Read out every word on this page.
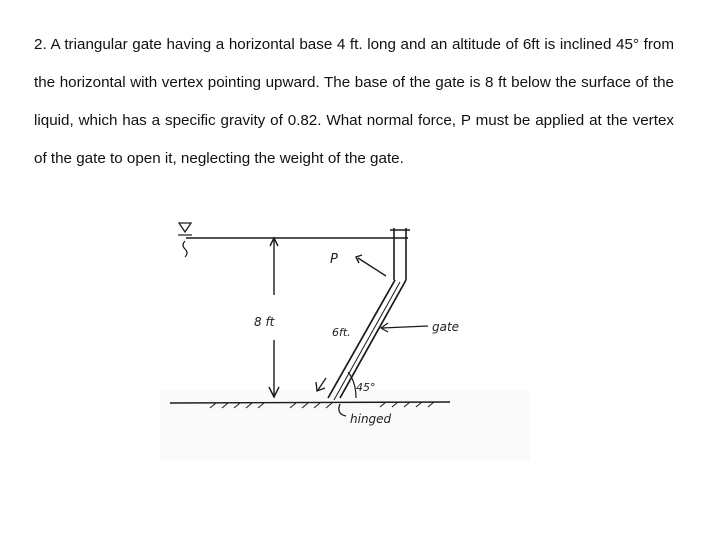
2. A triangular gate having a horizontal base 4 ft. long and an altitude of 6ft is inclined 45° from the horizontal with vertex pointing upward. The base of the gate is 8 ft below the surface of the liquid, which has a specific gravity of 0.82. What normal force, P must be applied at the vertex of the gate to open it, neglecting the weight of the gate.

P
8 ft
6ft.	gate
45°
hinged
